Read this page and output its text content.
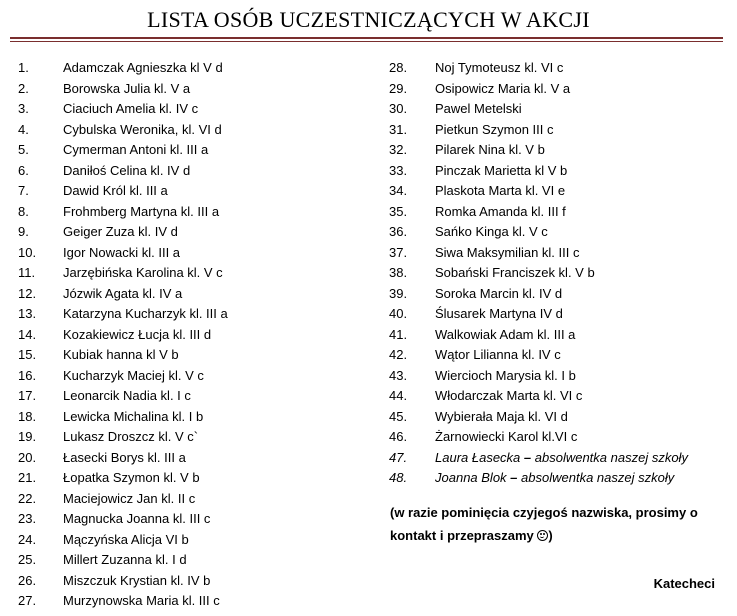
LISTA OSÓB UCZESTNICZĄCYCH W AKCJI
1.	Adamczak Agnieszka kl V d
2.	Borowska Julia kl. V a
3.	Ciaciuch Amelia kl. IV c
4.	Cybulska Weronika, kl. VI d
5.	Cymerman Antoni kl. III a
6.	Daniłoś Celina kl. IV d
7.	Dawid Król kl. III a
8.	Frohmberg Martyna kl. III a
9.	Geiger Zuza kl. IV d
10.	Igor Nowacki kl. III a
11.	Jarzębińska Karolina kl. V c
12.	Józwik Agata kl. IV a
13.	Katarzyna Kucharzyk kl. III a
14.	Kozakiewicz Łucja kl. III d
15.	Kubiak hanna kl V b
16.	Kucharzyk Maciej kl. V c
17.	Leonarcik Nadia kl. I c
18.	Lewicka Michalina kl. I b
19.	Lukasz Droszcz kl. V c`
20.	Łasecki Borys kl. III a
21.	Łopatka Szymon kl. V b
22.	Maciejowicz Jan kl. II c
23.	Magnucka Joanna kl. III c
24.	Mączyńska Alicja VI b
25.	Millert Zuzanna kl. I d
26.	Miszczuk Krystian kl. IV b
27.	Murzynowska Maria kl. III c
28.	Noj Tymoteusz kl. VI c
29.	Osipowicz Maria kl. V a
30.	Pawel Metelski
31.	Pietkun Szymon III c
32.	Pilarek Nina kl. V b
33.	Pinczak Marietta kl V b
34.	Plaskota Marta kl. VI e
35.	Romka Amanda kl. III f
36.	Sańko Kinga kl. V c
37.	Siwa Maksymilian kl. III c
38.	Sobański Franciszek kl. V b
39.	Soroka Marcin kl. IV d
40.	Ślusarek Martyna IV d
41.	Walkowiak Adam kl. III a
42.	Wątor Lilianna kl. IV c
43.	Wiercioch Marysia kl. I b
44.	Włodarczak Marta kl. VI c
45.	Wybierała Maja kl. VI d
46.	Żarnowiecki Karol kl.VI c
47.	Laura Łasecka – absolwentka naszej szkoły
48.	Joanna Blok – absolwentka naszej szkoły
(w razie pominięcia czyjegoś nazwiska, prosimy o kontakt i przepraszamy )
Katecheci
